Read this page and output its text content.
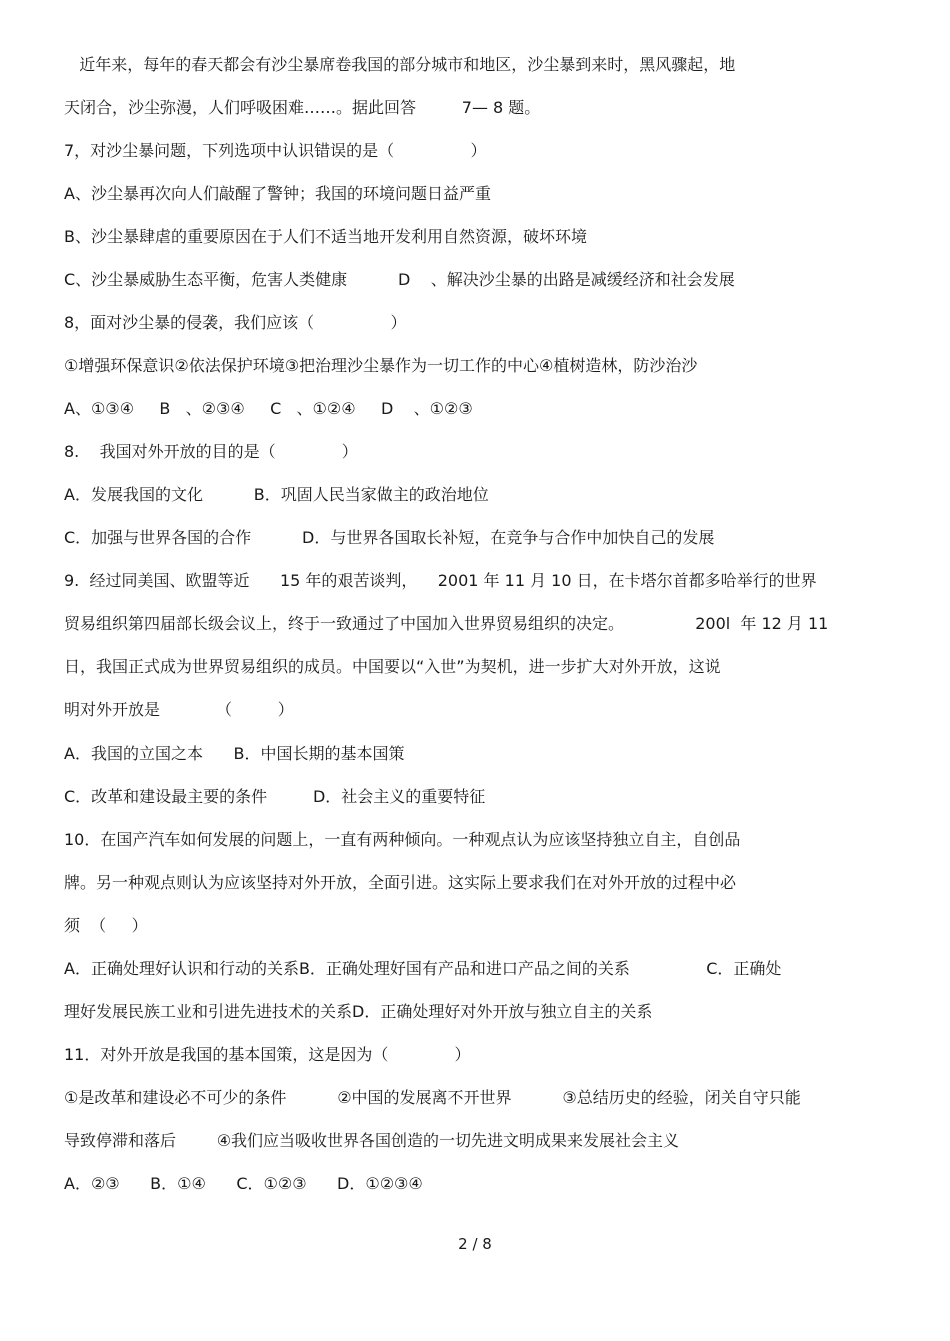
近年来，每年的春天都会有沙尘暴席卷我国的部分城市和地区，沙尘暴到来时，黑风骤起，地
天闭合，沙尘弥漫，人们呼吸困难……。据此回答         7— 8 题。
7，对沙尘暴问题，下列选项中认识错误的是（               ）
A、沙尘暴再次向人们敲醒了警钟；我国的环境问题日益严重
B、沙尘暴肆虐的重要原因在于人们不适当地开发利用自然资源，破坏环境
C、沙尘暴威胁生态平衡，危害人类健康          D    、解决沙尘暴的出路是减缓经济和社会发展
8，面对沙尘暴的侵袭，我们应该（               ）
①增强环保意识②依法保护环境③把治理沙尘暴作为一切工作的中心④植树造林，防沙治沙
A、①③④     B   、②③④     C   、①②④     D    、①②③
8.    我国对外开放的目的是（             ）
A．发展我国的文化          B．巩固人民当家做主的政治地位
C．加强与世界各国的合作          D．与世界各国取长补短，在竞争与合作中加快自己的发展
9.  经过同美国、欧盟等近      15 年的艰苦谈判，    2001 年 11 月 10 日，在卡塔尔首都多哈举行的世界
贸易组织第四届部长级会议上，终于一致通过了中国加入世界贸易组织的决定。              200l  年 12 月 11
日，我国正式成为世界贸易组织的成员。中国要以“入世”为契机，进一步扩大对外开放，这说
明对外开放是           （         ）
A．我国的立国之本      B．中国长期的基本国策
C．改革和建设最主要的条件         D．社会主义的重要特征
10．在国产汽车如何发展的问题上，一直有两种倾向。一种观点认为应该坚持独立自主，自创品
牌。另一种观点则认为应该坚持对外开放，全面引进。这实际上要求我们在对外开放的过程中必
须  （     ）
A．正确处理好认识和行动的关系B．正确处理好国有产品和进口产品之间的关系               C．正确处
理好发展民族工业和引进先进技术的关系D．正确处理好对外开放与独立自主的关系
11．对外开放是我国的基本国策，这是因为（             ）
①是改革和建设必不可少的条件          ②中国的发展离不开世界          ③总结历史的经验，闭关自守只能
导致停滞和落后        ④我们应当吸收世界各国创造的一切先进文明成果来发展社会主义
A．②③      B．①④      C．①②③      D．①②③④
2 / 8
